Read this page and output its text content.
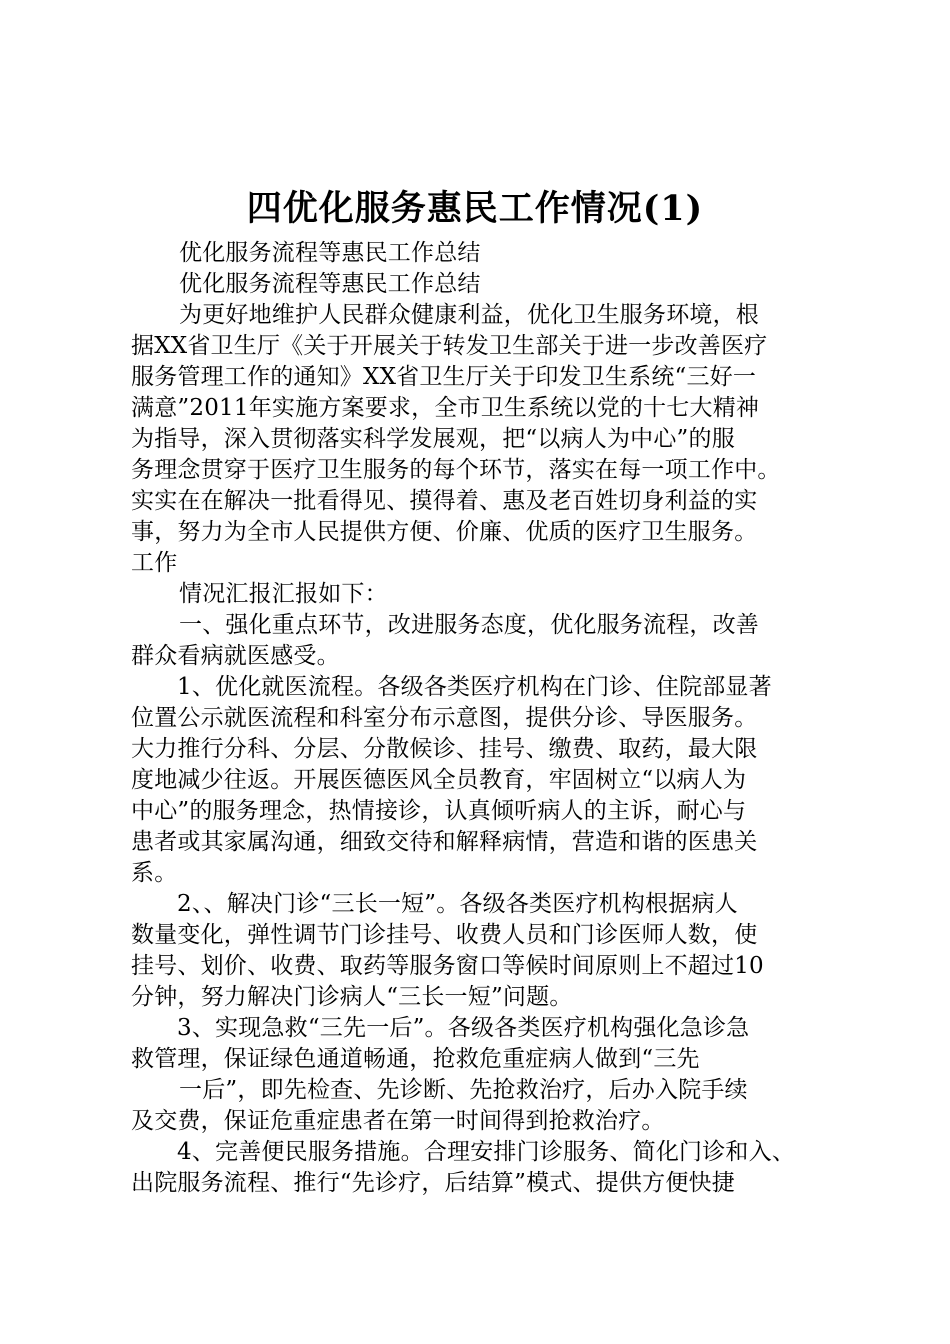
四优化服务惠民工作情况(1)

优化服务流程等惠民工作总结

优化服务流程等惠民工作总结

为更好地维护人民群众健康利益，优化卫生服务环境，根

据XX省卫生厅《关于开展关于转发卫生部关于进一步改善医疗

服务管理工作的通知》XX省卫生厅关于印发卫生系统“三好一

满意”2011年实施方案要求，全市卫生系统以党的十七大精神

为指导，深入贯彻落实科学发展观，把“以病人为中心”的服

务理念贯穿于医疗卫生服务的每个环节，落实在每一项工作中。

实实在在解决一批看得见、摸得着、惠及老百姓切身利益的实

事，努力为全市人民提供方便、价廉、优质的医疗卫生服务。

工作

情况汇报汇报如下：

一、强化重点环节，改进服务态度，优化服务流程，改善

群众看病就医感受。

1、优化就医流程。各级各类医疗机构在门诊、住院部显著

位置公示就医流程和科室分布示意图，提供分诊、导医服务。

大力推行分科、分层、分散候诊、挂号、缴费、取药，最大限

度地减少往返。开展医德医风全员教育，牢固树立“以病人为

中心”的服务理念，热情接诊，认真倾听病人的主诉，耐心与

患者或其家属沟通，细致交待和解释病情，营造和谐的医患关

系。

2、、解决门诊“三长一短”。各级各类医疗机构根据病人

数量变化，弹性调节门诊挂号、收费人员和门诊医师人数，使

挂号、划价、收费、取药等服务窗口等候时间原则上不超过10

分钟，努力解决门诊病人“三长一短”问题。

3、实现急救“三先一后”。各级各类医疗机构强化急诊急

救管理，保证绿色通道畅通，抢救危重症病人做到“三先

一后”，即先检查、先诊断、先抢救治疗，后办入院手续

及交费，保证危重症患者在第一时间得到抢救治疗。

4、完善便民服务措施。合理安排门诊服务、简化门诊和入、

出院服务流程、推行“先诊疗，后结算”模式、提供方便快捷
